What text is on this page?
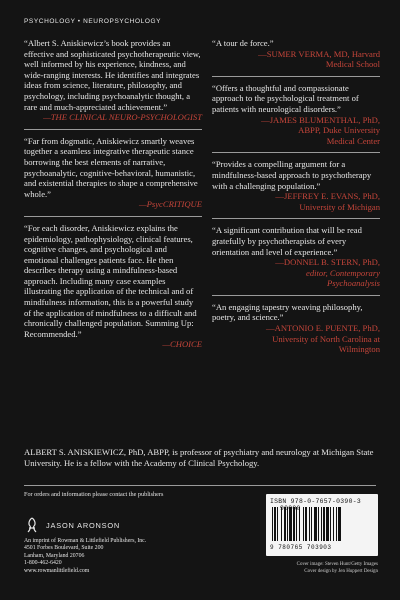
PSYCHOLOGY • NEUROPSYCHOLOGY

“Albert S. Aniskiewicz’s book provides an effective and sophisticated psychotherapeutic view, well informed by his experience, kindness, and wide-ranging interests. He identifies and integrates ideas from science, literature, philosophy, and psychology, including psychoanalytic thought, a rare and much-appreciated achievement.”

—THE CLINICAL NEURO-PSYCHOLOGIST

“Far from dogmatic, Aniskiewicz smartly weaves together a seamless integrative therapeutic stance borrowing the best elements of narrative, psychoanalytic, cognitive-behavioral, humanistic, and existential therapies to shape a comprehensive whole.”

—PsycCRITIQUE

“For each disorder, Aniskiewicz explains the epidemiology, pathophysiology, clinical features, cognitive changes, and psychological and emotional challenges patients face. He then describes therapy using a mindfulness-based approach. Including many case examples illustrating the application of the technical and of mindfulness information, this is a powerful study of the application of mindfulness to a difficult and chronically challenged population. Summing Up: Recommended.”

—CHOICE

“A tour de force.”

—SUMER VERMA, MD, Harvard
Medical School

“Offers a thoughtful and compassionate approach to the psychological treatment of patients with neurological disorders.”

—JAMES BLUMENTHAL, PhD,
ABPP, Duke University
Medical Center

“Provides a compelling argument for a mindfulness-based approach to psychotherapy with a challenging population.”

—JEFFREY E. EVANS, PhD,
University of Michigan

“A significant contribution that will be read gratefully by psychotherapists of every orientation and level of experience.”

—DONNEL B. STERN, PhD,
editor, Contemporary
Psychoanalysis

“An engaging tapestry weaving philosophy, poetry, and science.”

—ANTONIO E. PUENTE, PhD,
University of North Carolina at
Wilmington
ALBERT S. ANISKIEWICZ, PhD, ABPP, is professor of psychiatry and neurology at Michigan State University. He is a fellow with the Academy of Clinical Psychology.
For orders and information please contact the publishers
JASON ARONSON
An imprint of Rowman & Littlefield Publishers, Inc.
4501 Forbes Boulevard, Suite 200
Lanham, Maryland 20706
1-800-462-6420
www.rowmanlittlefield.com
ISBN 978-0-7657-0390-3
9 780765 703903
Cover image: Steven Hunt/Getty Images
Cover design by Jen Huppert Design
